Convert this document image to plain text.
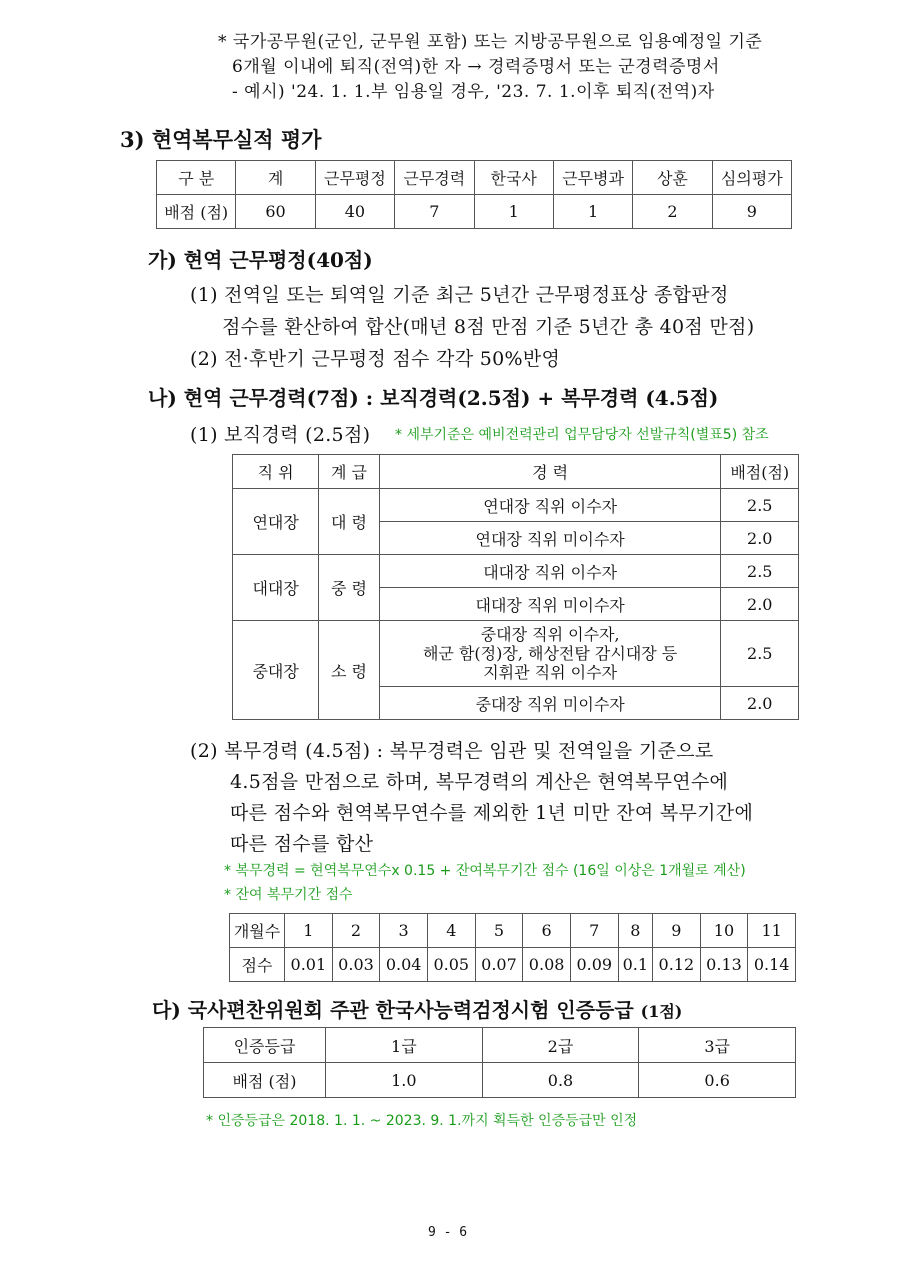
* 국가공무원(군인, 군무원 포함) 또는 지방공무원으로 임용예정일 기준
6개월 이내에 퇴직(전역)한 자 → 경력증명서 또는 군경력증명서
- 예시) '24. 1. 1.부 임용일 경우, '23. 7. 1.이후 퇴직(전역)자
3) 현역복무실적 평가
구 분	계	근무평정	근무경력	한국사	근무병과	상훈	심의평가
배점 (점)	60	40	7	1	1	2	9
가) 현역 근무평정(40점)
(1) 전역일 또는 퇴역일 기준 최근 5년간 근무평정표상 종합판정
점수를 환산하여 합산(매년 8점 만점 기준 5년간 총 40점 만점)
(2) 전·후반기 근무평정 점수 각각 50%반영
나) 현역 근무경력(7점) : 보직경력(2.5점) + 복무경력 (4.5점)
(1) 보직경력 (2.5점) * 세부기준은 예비전력관리 업무담당자 선발규칙(별표5) 참조
직 위	계 급	경 력	배점(점)
연대장	대 령	연대장 직위 이수자	2.5
		연대장 직위 미이수자	2.0
대대장	중 령	대대장 직위 이수자	2.5
		대대장 직위 미이수자	2.0
중대장	소 령	중대장 직위 이수자,
해군 함(정)장, 해상전탐 감시대장 등
지휘관 직위 이수자	2.5
		중대장 직위 미이수자	2.0
(2) 복무경력 (4.5점) : 복무경력은 임관 및 전역일을 기준으로
4.5점을 만점으로 하며, 복무경력의 계산은 현역복무연수에
따른 점수와 현역복무연수를 제외한 1년 미만 잔여 복무기간에
따른 점수를 합산
* 복무경력 = 현역복무연수x 0.15 + 잔여복무기간 점수 (16일 이상은 1개월로 계산)
* 잔여 복무기간 점수
개월수	1	2	3	4	5	6	7	8	9	10	11
점수	0.01	0.03	0.04	0.05	0.07	0.08	0.09	0.1	0.12	0.13	0.14
다) 국사편찬위원회 주관 한국사능력검정시험 인증등급 (1점)
인증등급	1급	2급	3급
배점 (점)	1.0	0.8	0.6
* 인증등급은 2018. 1. 1. ~ 2023. 9. 1.까지 획득한 인증등급만 인정
9 - 6
